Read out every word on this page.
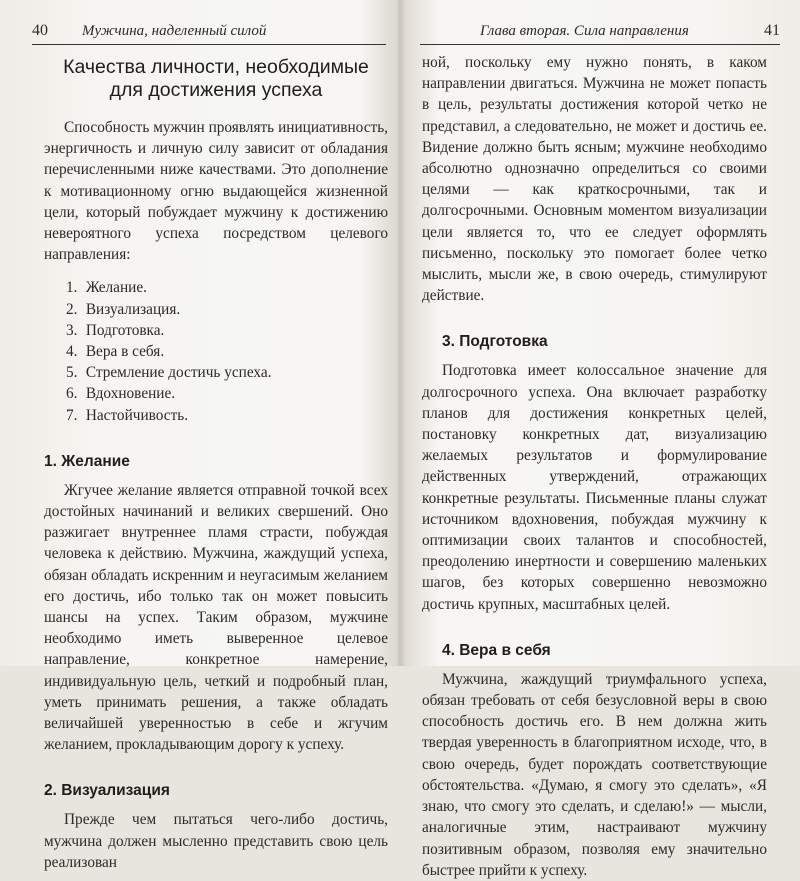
40 Мужчина, наделенный силой
Качества личности, необходимые
для достижения успеха

Способность мужчин проявлять инициативность, энергичность и личную силу зависит от обладания перечисленными ниже качествами. Это дополнение к мотивационному огню выдающейся жизненной цели, который побуждает мужчину к достижению невероятного успеха посредством целевого направления:

1. Желание.
2. Визуализация.
3. Подготовка.
4. Вера в себя.
5. Стремление достичь успеха.
6. Вдохновение.
7. Настойчивость.
1. Желание

Жгучее желание является отправной точкой всех достойных начинаний и великих свершений. Оно разжигает внутреннее пламя страсти, побуждая человека к действию. Мужчина, жаждущий успеха, обязан обладать искренним и неугасимым желанием его достичь, ибо только так он может повысить шансы на успех. Таким образом, мужчине необходимо иметь выверенное целевое направление, конкретное намерение, индивидуальную цель, четкий и подробный план, уметь принимать решения, а также обладать величайшей уверенностью в себе и жгучим желанием, прокладывающим дорогу к успеху.

2. Визуализация

Прежде чем пытаться чего-либо достичь, мужчина должен мысленно представить свою цель реализован

Глава вторая. Сила направления	41

ной, поскольку ему нужно понять, в каком направлении двигаться. Мужчина не может попасть в цель, результаты достижения которой четко не представил, а следовательно, не может и достичь ее. Видение должно быть ясным; мужчине необходимо абсолютно однозначно определиться со своими целями — как краткосрочными, так и долгосрочными. Основным моментом визуализации цели является то, что ее следует оформлять письменно, поскольку это помогает более четко мыслить, мысли же, в свою очередь, стимулируют действие.

3. Подготовка

Подготовка имеет колоссальное значение для долгосрочного успеха. Она включает разработку планов для достижения конкретных целей, постановку конкретных дат, визуализацию желаемых результатов и формулирование действенных утверждений, отражающих конкретные результаты. Письменные планы служат источником вдохновения, побуждая мужчину к оптимизации своих талантов и способностей, преодолению инертности и совершению маленьких шагов, без которых совершенно невозможно достичь крупных, масштабных целей.

4. Вера в себя

Мужчина, жаждущий триумфального успеха, обязан требовать от себя безусловной веры в свою способность достичь его. В нем должна жить твердая уверенность в благоприятном исходе, что, в свою очередь, будет порождать соответствующие обстоятельства. «Думаю, я смогу это сделать», «Я знаю, что смогу это сделать, и сделаю!» — мысли, аналогичные этим, настраивают мужчину позитивным образом, позволяя ему значительно быстрее прийти к успеху.
